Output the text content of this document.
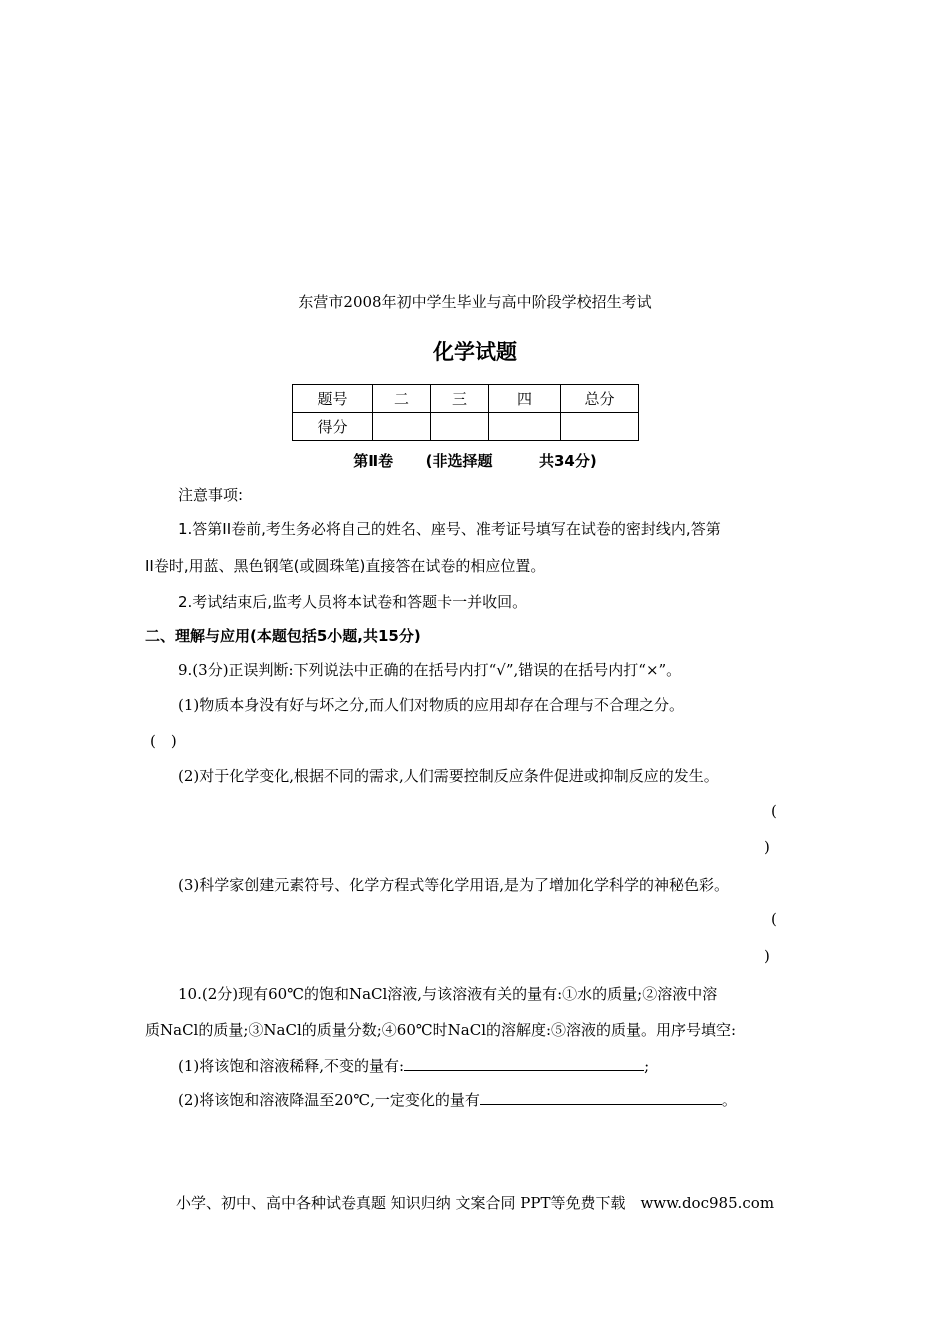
东营市2008年初中学生毕业与高中阶段学校招生考试
化学试题
题号	二	三	四	总分
得分				
第Ⅱ卷 (非选择题	共34分)
注意事项:
1.答第II卷前,考生务必将自己的姓名、座号、准考证号填写在试卷的密封线内,答第
II卷时,用蓝、黑色钢笔(或圆珠笔)直接答在试卷的相应位置。
2.考试结束后,监考人员将本试卷和答题卡一并收回。
二、理解与应用(本题包括5小题,共15分)
9.(3分)正误判断:下列说法中正确的在括号内打“√”,错误的在括号内打“×”。
(1)物质本身没有好与坏之分,而人们对物质的应用却存在合理与不合理之分。
(　)
(2)对于化学变化,根据不同的需求,人们需要控制反应条件促进或抑制反应的发生。
(
)
(3)科学家创建元素符号、化学方程式等化学用语,是为了增加化学科学的神秘色彩。
(
)
10.(2分)现有60℃的饱和NaCl溶液,与该溶液有关的量有:①水的质量;②溶液中溶
质NaCl的质量;③NaCl的质量分数;④60℃时NaCl的溶解度:⑤溶液的质量。用序号填空:
(1)将该饱和溶液稀释,不变的量有:	;
(2)将该饱和溶液降温至20℃,一定变化的量有	。
小学、初中、高中各种试卷真题 知识归纳 文案合同 PPT等免费下载　www.doc985.com
